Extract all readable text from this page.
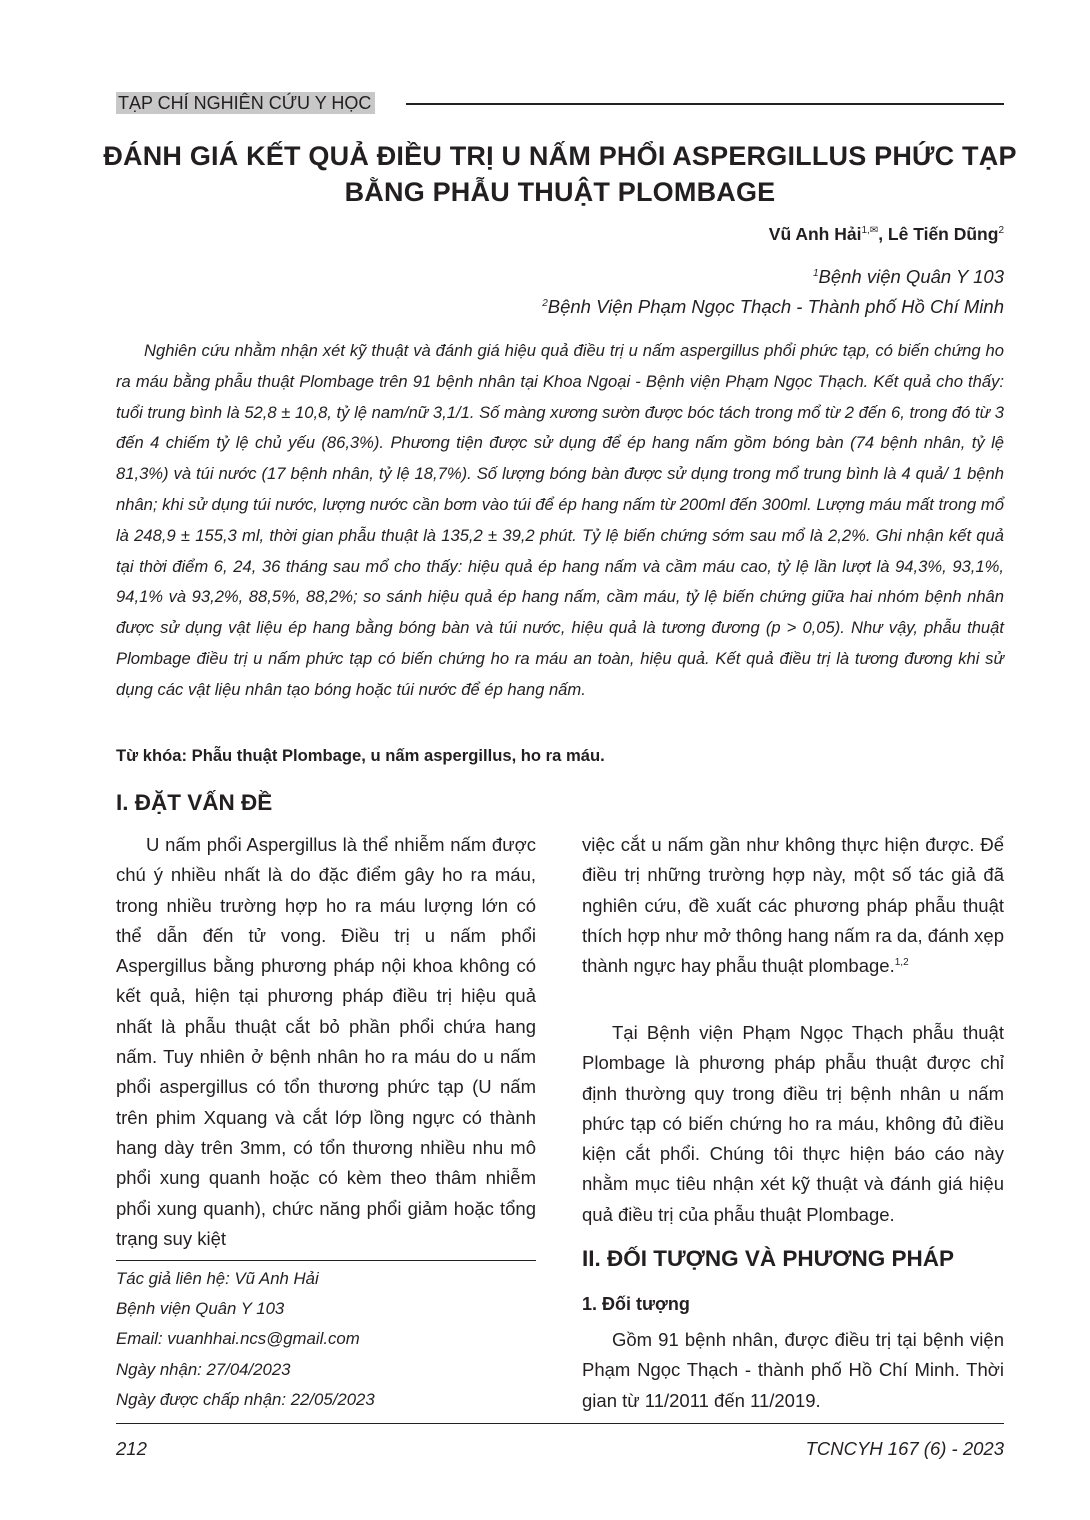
TẠP CHÍ NGHIÊN CỨU Y HỌC
ĐÁNH GIÁ KẾT QUẢ ĐIỀU TRỊ U NẤM PHỔI ASPERGILLUS PHỨC TẠP BẰNG PHẪU THUẬT PLOMBAGE
Vũ Anh Hải$^{1,✉}$, Lê Tiến Dũng$^2$
$^1$Bệnh viện Quân Y 103
$^2$Bệnh Viện Phạm Ngọc Thạch - Thành phố Hồ Chí Minh

Nghiên cứu nhằm nhận xét kỹ thuật và đánh giá hiệu quả điều trị u nấm aspergillus phổi phức tạp, có biến chứng ho ra máu bằng phẫu thuật Plombage trên 91 bệnh nhân tại Khoa Ngoại - Bệnh viện Phạm Ngọc Thạch. Kết quả cho thấy: tuổi trung bình là 52,8 ± 10,8, tỷ lệ nam/nữ 3,1/1. Số màng xương sườn được bóc tách trong mổ từ 2 đến 6, trong đó từ 3 đến 4 chiếm tỷ lệ chủ yếu (86,3%). Phương tiện được sử dụng để ép hang nấm gồm bóng bàn (74 bệnh nhân, tỷ lệ 81,3%) và túi nước (17 bệnh nhân, tỷ lệ 18,7%). Số lượng bóng bàn được sử dụng trong mổ trung bình là 4 quả/ 1 bệnh nhân; khi sử dụng túi nước, lượng nước cần bơm vào túi để ép hang nấm từ 200ml đến 300ml. Lượng máu mất trong mổ là 248,9 ± 155,3 ml, thời gian phẫu thuật là 135,2 ± 39,2 phút. Tỷ lệ biến chứng sớm sau mổ là 2,2%. Ghi nhận kết quả tại thời điểm 6, 24, 36 tháng sau mổ cho thấy: hiệu quả ép hang nấm và cầm máu cao, tỷ lệ lần lượt là 94,3%, 93,1%, 94,1% và 93,2%, 88,5%, 88,2%; so sánh hiệu quả ép hang nấm, cầm máu, tỷ lệ biến chứng giữa hai nhóm bệnh nhân được sử dụng vật liệu ép hang bằng bóng bàn và túi nước, hiệu quả là tương đương (p > 0,05). Như vậy, phẫu thuật Plombage điều trị u nấm phức tạp có biến chứng ho ra máu an toàn, hiệu quả. Kết quả điều trị là tương đương khi sử dụng các vật liệu nhân tạo bóng hoặc túi nước để ép hang nấm.

Từ khóa: Phẫu thuật Plombage, u nấm aspergillus, ho ra máu.
I. ĐẶT VẤN ĐỀ

U nấm phổi Aspergillus là thể nhiễm nấm được chú ý nhiều nhất là do đặc điểm gây ho ra máu, trong nhiều trường hợp ho ra máu lượng lớn có thể dẫn đến tử vong. Điều trị u nấm phổi Aspergillus bằng phương pháp nội khoa không có kết quả, hiện tại phương pháp điều trị hiệu quả nhất là phẫu thuật cắt bỏ phần phổi chứa hang nấm. Tuy nhiên ở bệnh nhân ho ra máu do u nấm phổi aspergillus có tổn thương phức tạp (U nấm trên phim Xquang và cắt lớp lồng ngực có thành hang dày trên 3mm, có tổn thương nhiều nhu mô phổi xung quanh hoặc có kèm theo thâm nhiễm phổi xung quanh), chức năng phổi giảm hoặc tổng trạng suy kiệt

việc cắt u nấm gần như không thực hiện được. Để điều trị những trường hợp này, một số tác giả đã nghiên cứu, đề xuất các phương pháp phẫu thuật thích hợp như mở thông hang nấm ra da, đánh xẹp thành ngực hay phẫu thuật plombage.$^{1,2}$

Tại Bệnh viện Phạm Ngọc Thạch phẫu thuật Plombage là phương pháp phẫu thuật được chỉ định thường quy trong điều trị bệnh nhân u nấm phức tạp có biến chứng ho ra máu, không đủ điều kiện cắt phổi. Chúng tôi thực hiện báo cáo này nhằm mục tiêu nhận xét kỹ thuật và đánh giá hiệu quả điều trị của phẫu thuật Plombage.

II. ĐỐI TƯỢNG VÀ PHƯƠNG PHÁP
1. Đối tượng

Gồm 91 bệnh nhân, được điều trị tại bệnh viện Phạm Ngọc Thạch - thành phố Hồ Chí Minh. Thời gian từ 11/2011 đến 11/2019.

Tác giả liên hệ: Vũ Anh Hải
Bệnh viện Quân Y 103
Email: vuanhhai.ncs@gmail.com
Ngày nhận: 27/04/2023
Ngày được chấp nhận: 22/05/2023
212	TCNCYH 167 (6) - 2023
